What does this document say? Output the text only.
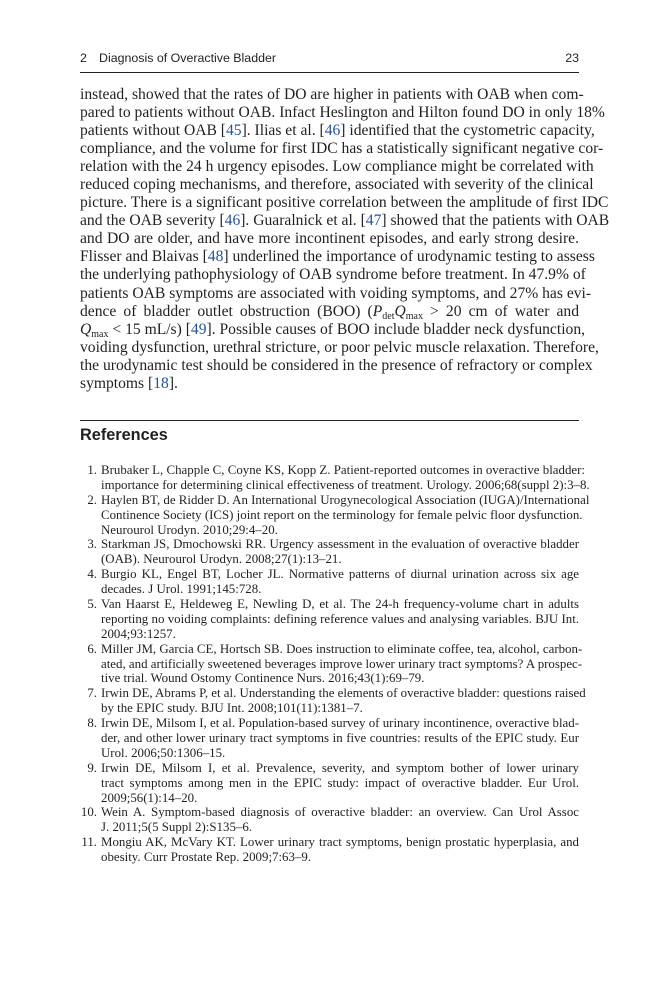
2 Diagnosis of Overactive Bladder	23
instead, showed that the rates of DO are higher in patients with OAB when com-
pared to patients without OAB. Infact Heslington and Hilton found DO in only 18%
patients without OAB [45]. Ilias et al. [46] identified that the cystometric capacity,
compliance, and the volume for first IDC has a statistically significant negative cor-
relation with the 24 h urgency episodes. Low compliance might be correlated with
reduced coping mechanisms, and therefore, associated with severity of the clinical
picture. There is a significant positive correlation between the amplitude of first IDC
and the OAB severity [46]. Guaralnick et al. [47] showed that the patients with OAB
and DO are older, and have more incontinent episodes, and early strong desire.
Flisser and Blaivas [48] underlined the importance of urodynamic testing to assess
the underlying pathophysiology of OAB syndrome before treatment. In 47.9% of
patients OAB symptoms are associated with voiding symptoms, and 27% has evi-
dence of bladder outlet obstruction (BOO) ($P_{det}Q_{max} > 20$ cm of water and
$Q_{max} < 15$ mL/s) [49]. Possible causes of BOO include bladder neck dysfunction,
voiding dysfunction, urethral stricture, or poor pelvic muscle relaxation. Therefore,
the urodynamic test should be considered in the presence of refractory or complex
symptoms [18].
References
1. Brubaker L, Chapple C, Coyne KS, Kopp Z. Patient-reported outcomes in overactive bladder:
importance for determining clinical effectiveness of treatment. Urology. 2006;68(suppl 2):3–8.
2. Haylen BT, de Ridder D. An International Urogynecological Association (IUGA)/International
Continence Society (ICS) joint report on the terminology for female pelvic floor dysfunction.
Neurourol Urodyn. 2010;29:4–20.
3. Starkman JS, Dmochowski RR. Urgency assessment in the evaluation of overactive bladder
(OAB). Neurourol Urodyn. 2008;27(1):13–21.
4. Burgio KL, Engel BT, Locher JL. Normative patterns of diurnal urination across six age
decades. J Urol. 1991;145:728.
5. Van Haarst E, Heldeweg E, Newling D, et al. The 24-h frequency-volume chart in adults
reporting no voiding complaints: defining reference values and analysing variables. BJU Int.
2004;93:1257.
6. Miller JM, Garcia CE, Hortsch SB. Does instruction to eliminate coffee, tea, alcohol, carbon-
ated, and artificially sweetened beverages improve lower urinary tract symptoms? A prospec-
tive trial. Wound Ostomy Continence Nurs. 2016;43(1):69–79.
7. Irwin DE, Abrams P, et al. Understanding the elements of overactive bladder: questions raised
by the EPIC study. BJU Int. 2008;101(11):1381–7.
8. Irwin DE, Milsom I, et al. Population-based survey of urinary incontinence, overactive blad-
der, and other lower urinary tract symptoms in five countries: results of the EPIC study. Eur
Urol. 2006;50:1306–15.
9. Irwin DE, Milsom I, et al. Prevalence, severity, and symptom bother of lower urinary
tract symptoms among men in the EPIC study: impact of overactive bladder. Eur Urol.
2009;56(1):14–20.
10. Wein A. Symptom-based diagnosis of overactive bladder: an overview. Can Urol Assoc
J. 2011;5(5 Suppl 2):S135–6.
11. Mongiu AK, McVary KT. Lower urinary tract symptoms, benign prostatic hyperplasia, and
obesity. Curr Prostate Rep. 2009;7:63–9.
